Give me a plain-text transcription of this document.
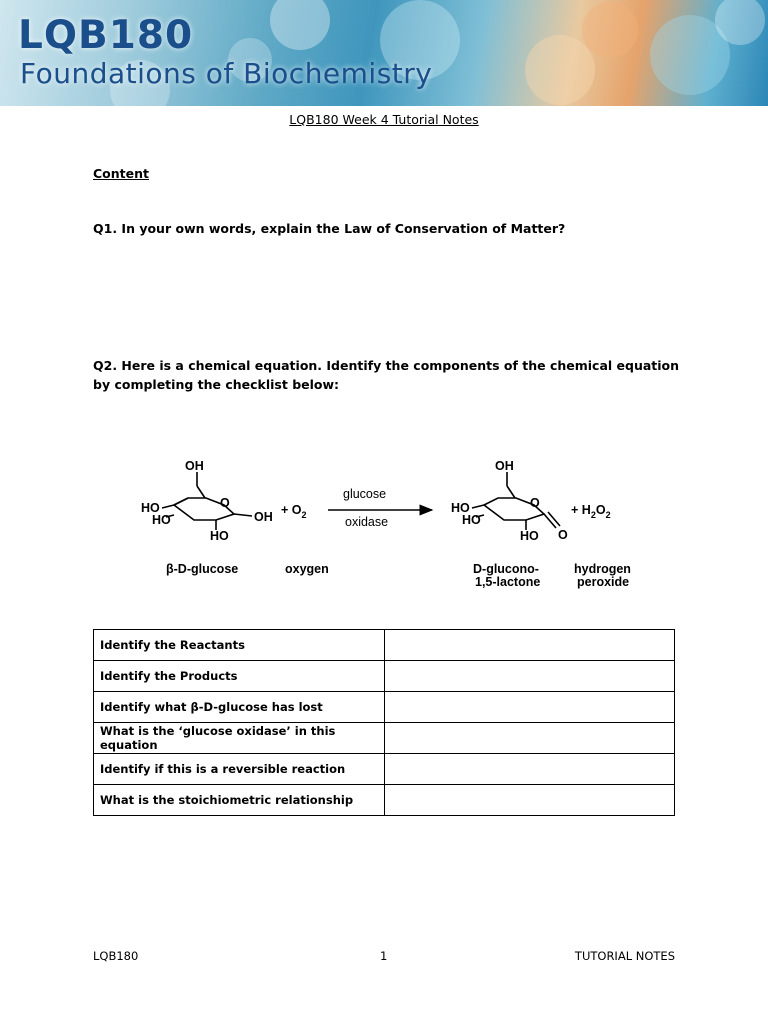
LQB180
Foundations of Biochemistry
LQB180 Week 4 Tutorial Notes
Content
Q1. In your own words, explain the Law of Conservation of Matter?
Q2. Here is a chemical equation. Identify the components of the chemical equation by completing the checklist below:
OH
HO
HO
O
OH
HO
+ $O_2$
glucose
oxidase
OH
HO
HO
O
HO O
+ $H_2O_2$
β-D-glucose	oxygen	D-glucono-
1,5-lactone
hydrogen
peroxide
Identify the Reactants	
Identify the Products	
Identify what β-D-glucose has lost	
What is the ‘glucose oxidase’ in this equation	
Identify if this is a reversible reaction	
What is the stoichiometric relationship	
LQB180	1	TUTORIAL NOTES
